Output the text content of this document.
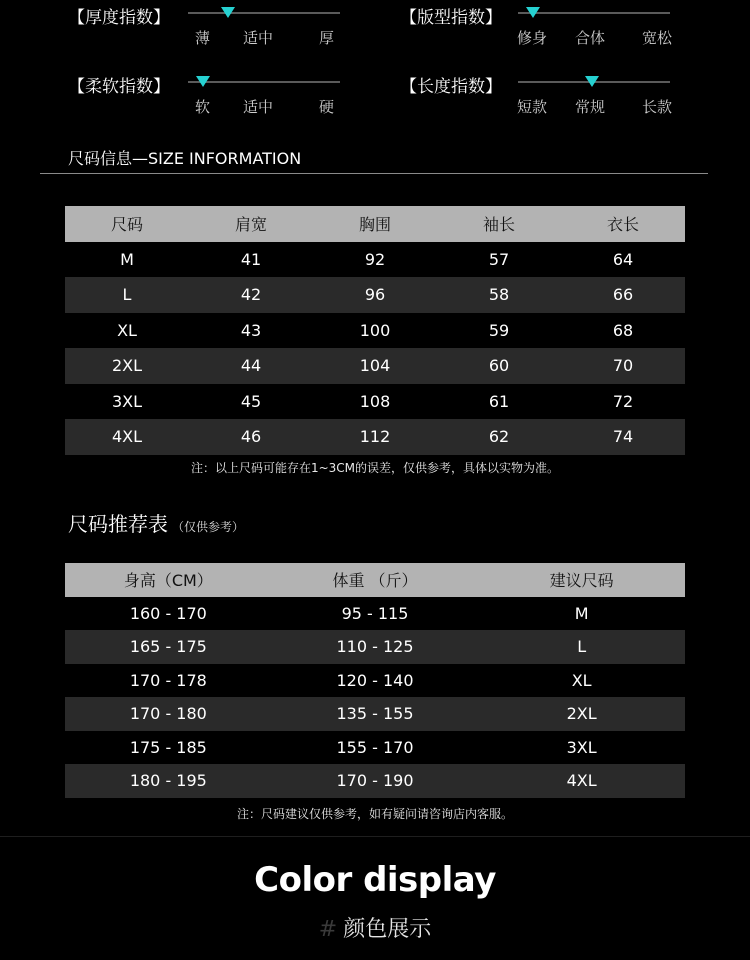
【厚度指数】
薄 适中	厚
【版型指数】
修身 合体 宽松
【柔软指数】
软 适中	硬
【长度指数】
短款 常规 长款
尺码信息—SIZE INFORMATION
尺码	肩宽	胸围	袖长	衣长
M	41	92	57	64
L	42	96	58	66
XL	43	100	59	68
2XL	44	104	60	70
3XL	45	108	61	72
4XL	46	112	62	74
注：以上尺码可能存在1~3CM的误差，仅供参考，具体以实物为准。
尺码推荐表 （仅供参考）
身高（CM）	体重 （斤）	建议尺码
160 - 170	95 - 115	M
165 - 175	110 - 125	L
170 - 178	120 - 140	XL
170 - 180	135 - 155	2XL
175 - 185	155 - 170	3XL
180 - 195	170 - 190	4XL
注：尺码建议仅供参考，如有疑问请咨询店内客服。
Color display
# 颜色展示
